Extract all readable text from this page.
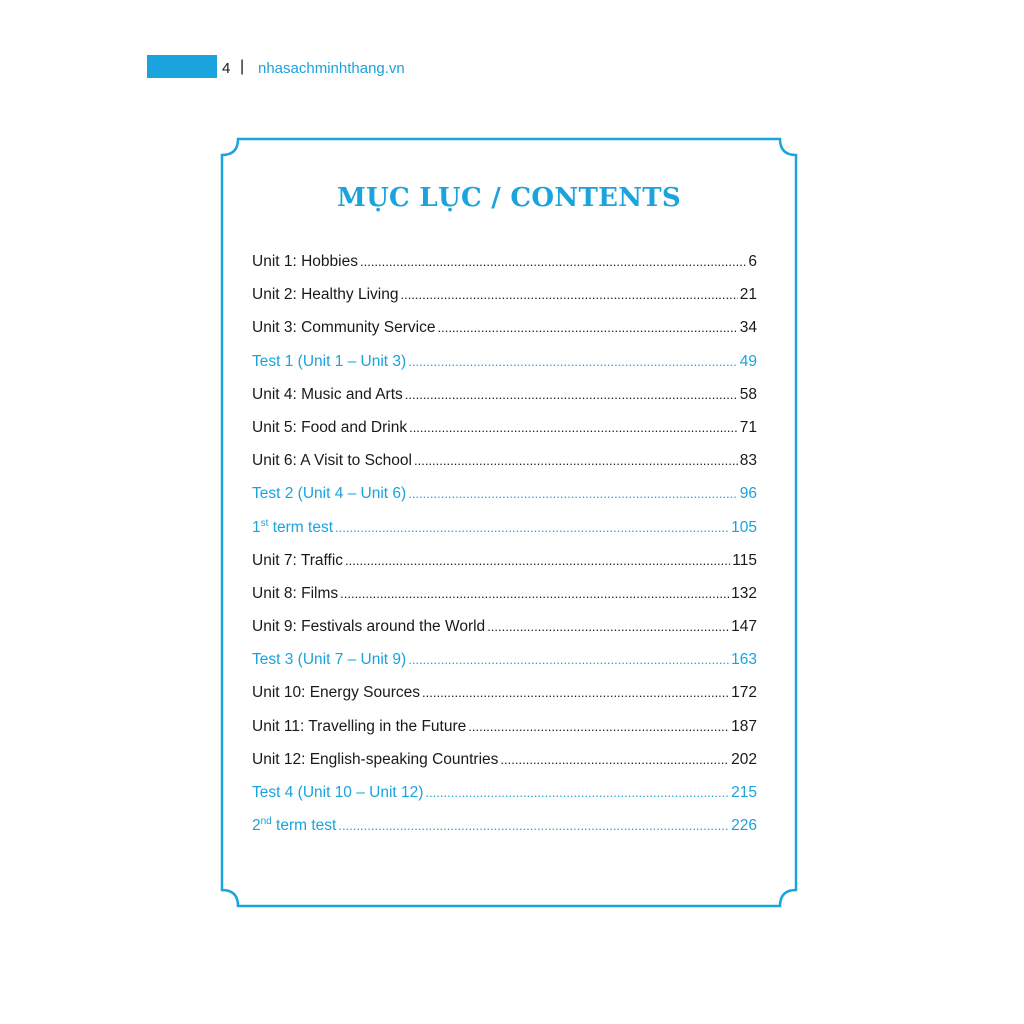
4 | nhasachminhthang.vn
MỤC LỤC / CONTENTS
Unit 1: Hobbies .....	6
Unit 2: Healthy Living .....	21
Unit 3: Community Service .....	34
Test 1 (Unit 1 – Unit 3) .....	49
Unit 4: Music and Arts .....	58
Unit 5: Food and Drink .....	71
Unit 6: A Visit to School .....	83
Test 2 (Unit 4 – Unit 6) .....	96
1st term test .....	105
Unit 7: Traffic .....	115
Unit 8: Films .....	132
Unit 9: Festivals around the World .....	147
Test 3 (Unit 7 – Unit 9) .....	163
Unit 10: Energy Sources .....	172
Unit 11: Travelling in the Future .....	187
Unit 12: English-speaking Countries .....	202
Test 4 (Unit 10 – Unit 12) .....	215
2nd term test .....	226
